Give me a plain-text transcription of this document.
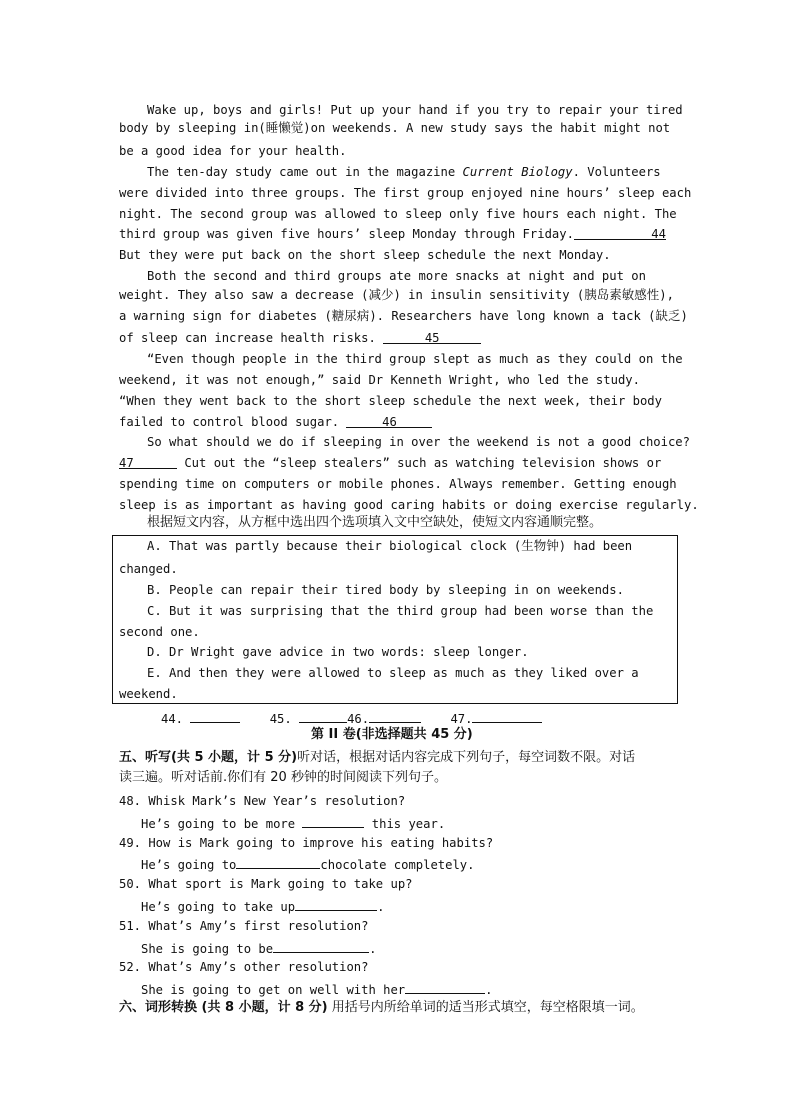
Wake up, boys and girls! Put up your hand if you try to repair your tired
body by sleeping in(睡懒觉)on weekends. A new study says the habit might not
be a good idea for your health.
The ten-day study came out in the magazine Current Biology. Volunteers
were divided into three groups. The first group enjoyed nine hours’ sleep each
night. The second group was allowed to sleep only five hours each night. The
third group was given five hours’ sleep Monday through Friday.	44
But they were put back on the short sleep schedule the next Monday.
Both the second and third groups ate more snacks at night and put on
weight. They also saw a decrease (减少) in insulin sensitivity (胰岛素敏感性),
a warning sign for diabetes (糖尿病). Researchers have long known a tack (缺乏)
of sleep can increase health risks.	45
“Even though people in the third group slept as much as they could on the
weekend, it was not enough,” said Dr Kenneth Wright, who led the study.
“When they went back to the short sleep schedule the next week, their body
failed to control blood sugar.	46
So what should we do if sleeping in over the weekend is not a good choice?
47	Cut out the “sleep stealers” such as watching television shows or
spending time on computers or mobile phones. Always remember. Getting enough
sleep is as important as having good caring habits or doing exercise regularly.
根据短文内容，从方框中选出四个选项填入文中空缺处，使短文内容通顺完整。
A. That was partly because their biological clock (生物钟) had been
changed.
B. People can repair their tired body by sleeping in on weekends.
C. But it was surprising that the third group had been worse than the
second one.
D. Dr Wright gave advice in two words: sleep longer.
E. And then they were allowed to sleep as much as they liked over a
weekend.
44.	45.	46.	47.
第 II 卷(非选择题共 45 分)
五、听写(共 5 小题，计 5 分)听对话，根据对话内容完成下列句子，每空词数不限。对话
读三遍。听对话前.你们有 20 秒钟的时间阅读下列句子。
48. Whisk Mark’s New Year’s resolution?
He’s going to be more	this year.
49. How is Mark going to improve his eating habits?
He’s going to	chocolate completely.
50. What sport is Mark going to take up?
He’s going to take up	.
51. What’s Amy’s first resolution?
She is going to be	.
52. What’s Amy’s other resolution?
She is going to get on well with her	.
六、词形转换 (共 8 小题，计 8 分) 用括号内所给单词的适当形式填空，每空格限填一词。
